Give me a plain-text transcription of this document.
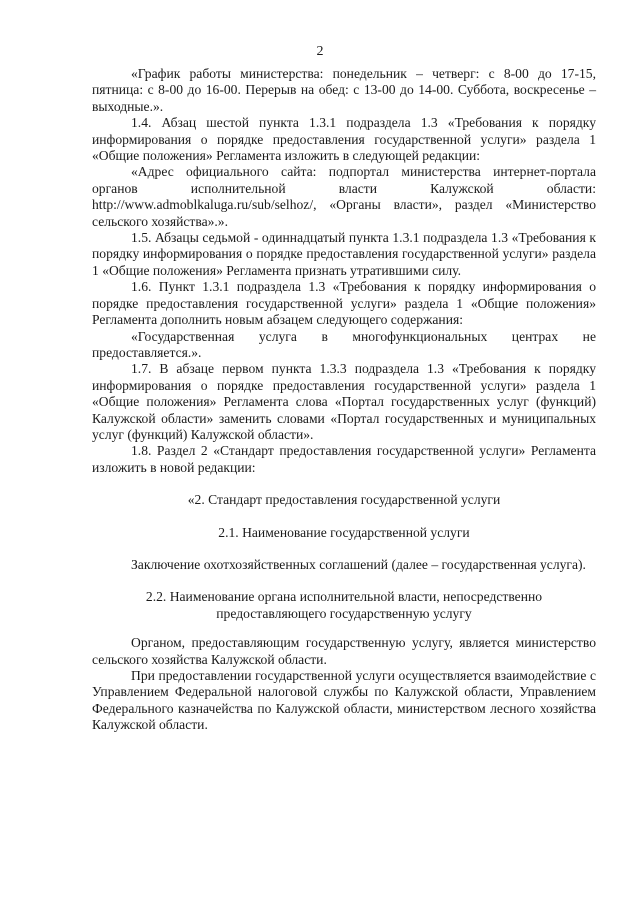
2

«График работы министерства: понедельник – четверг: с 8-00 до 17-15, пятница: с 8-00 до 16-00. Перерыв на обед: с 13-00 до 14-00. Суббота, воскресенье – выходные.».

1.4. Абзац шестой пункта 1.3.1 подраздела 1.3 «Требования к порядку информирования о порядке предоставления государственной услуги» раздела 1 «Общие положения» Регламента изложить в следующей редакции:

«Адрес официального сайта: подпортал министерства интернет-портала органов исполнительной власти Калужской области: http://www.admoblkaluga.ru/sub/selhoz/, «Органы власти», раздел «Министерство сельского хозяйства».».

1.5. Абзацы седьмой - одиннадцатый пункта 1.3.1 подраздела 1.3 «Требования к порядку информирования о порядке предоставления государственной услуги» раздела 1 «Общие положения» Регламента признать утратившими силу.

1.6. Пункт 1.3.1 подраздела 1.3 «Требования к порядку информирования о порядке предоставления государственной услуги» раздела 1 «Общие положения» Регламента дополнить новым абзацем следующего содержания:

«Государственная услуга в многофункциональных центрах не предоставляется.».

1.7. В абзаце первом пункта 1.3.3 подраздела 1.3 «Требования к порядку информирования о порядке предоставления государственной услуги» раздела 1 «Общие положения» Регламента слова «Портал государственных услуг (функций) Калужской области» заменить словами «Портал государственных и муниципальных услуг (функций) Калужской области».

1.8. Раздел 2 «Стандарт предоставления государственной услуги» Регламента изложить в новой редакции:

«2. Стандарт предоставления государственной услуги

2.1. Наименование государственной услуги

Заключение охотхозяйственных соглашений (далее – государственная услуга).

2.2. Наименование органа исполнительной власти, непосредственно предоставляющего государственную услугу

Органом, предоставляющим государственную услугу, является министерство сельского хозяйства Калужской области.

При предоставлении государственной услуги осуществляется взаимодействие с Управлением Федеральной налоговой службы по Калужской области, Управлением Федерального казначейства по Калужской области, министерством лесного хозяйства Калужской области.
